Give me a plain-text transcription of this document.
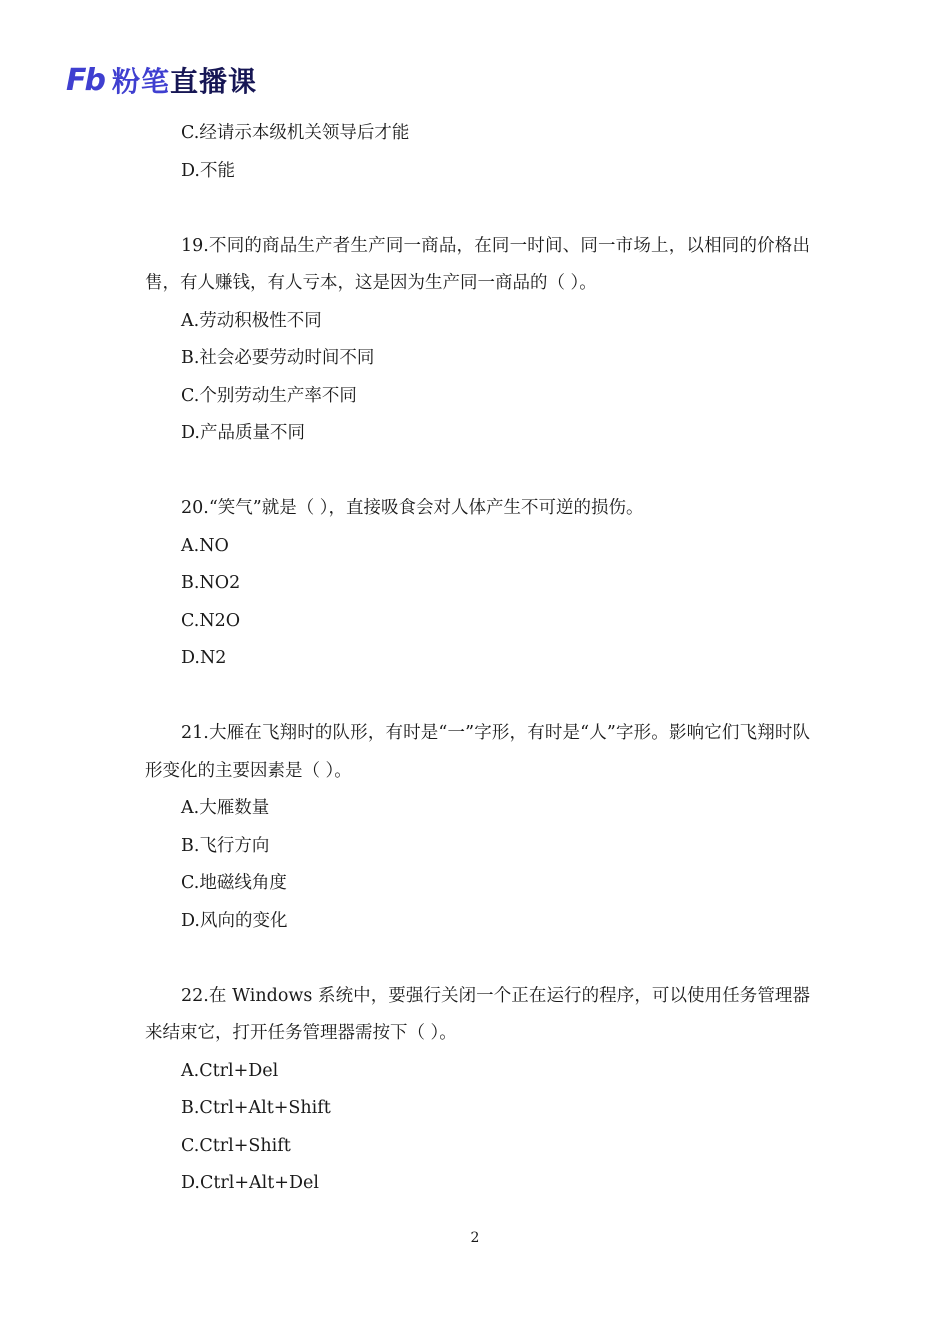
Fb 粉笔直播课
C.经请示本级机关领导后才能
D.不能
19.不同的商品生产者生产同一商品，在同一时间、同一市场上，以相同的价格出售，有人赚钱，有人亏本，这是因为生产同一商品的（ ）。
A.劳动积极性不同
B.社会必要劳动时间不同
C.个别劳动生产率不同
D.产品质量不同
20.“笑气”就是（ ），直接吸食会对人体产生不可逆的损伤。
A.NO
B.NO2
C.N2O
D.N2
21.大雁在飞翔时的队形，有时是“一”字形，有时是“人”字形。影响它们飞翔时队形变化的主要因素是（ ）。
A.大雁数量
B.飞行方向
C.地磁线角度
D.风向的变化
22.在 Windows 系统中，要强行关闭一个正在运行的程序，可以使用任务管理器来结束它，打开任务管理器需按下（ ）。
A.Ctrl+Del
B.Ctrl+Alt+Shift
C.Ctrl+Shift
D.Ctrl+Alt+Del
2
